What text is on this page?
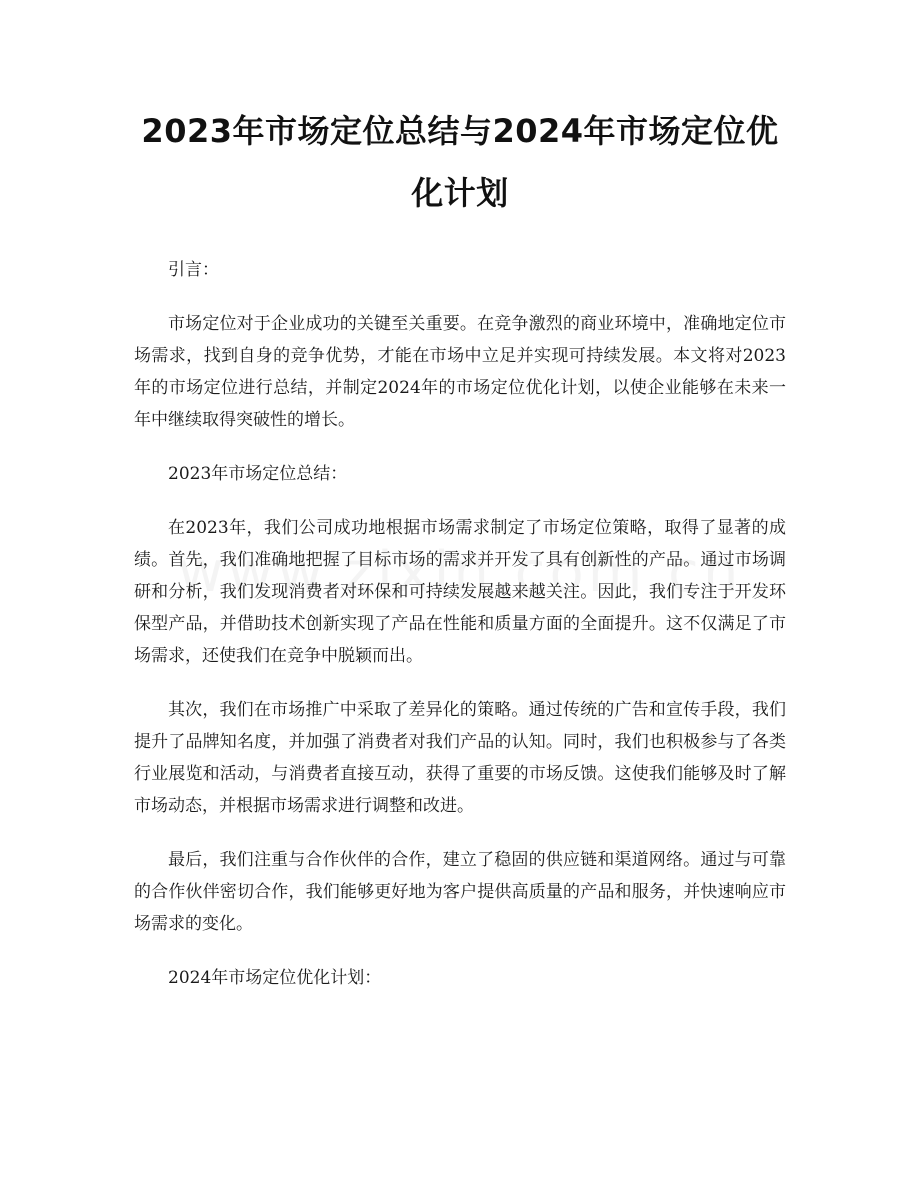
2023年市场定位总结与2024年市场定位优化计划

引言：

市场定位对于企业成功的关键至关重要。在竞争激烈的商业环境中，准确地定位市场需求，找到自身的竞争优势，才能在市场中立足并实现可持续发展。本文将对2023年的市场定位进行总结，并制定2024年的市场定位优化计划，以使企业能够在未来一年中继续取得突破性的增长。

2023年市场定位总结：

在2023年，我们公司成功地根据市场需求制定了市场定位策略，取得了显著的成绩。首先，我们准确地把握了目标市场的需求并开发了具有创新性的产品。通过市场调研和分析，我们发现消费者对环保和可持续发展越来越关注。因此，我们专注于开发环保型产品，并借助技术创新实现了产品在性能和质量方面的全面提升。这不仅满足了市场需求，还使我们在竞争中脱颖而出。

其次，我们在市场推广中采取了差异化的策略。通过传统的广告和宣传手段，我们提升了品牌知名度，并加强了消费者对我们产品的认知。同时，我们也积极参与了各类行业展览和活动，与消费者直接互动，获得了重要的市场反馈。这使我们能够及时了解市场动态，并根据市场需求进行调整和改进。

最后，我们注重与合作伙伴的合作，建立了稳固的供应链和渠道网络。通过与可靠的合作伙伴密切合作，我们能够更好地为客户提供高质量的产品和服务，并快速响应市场需求的变化。

2024年市场定位优化计划：
